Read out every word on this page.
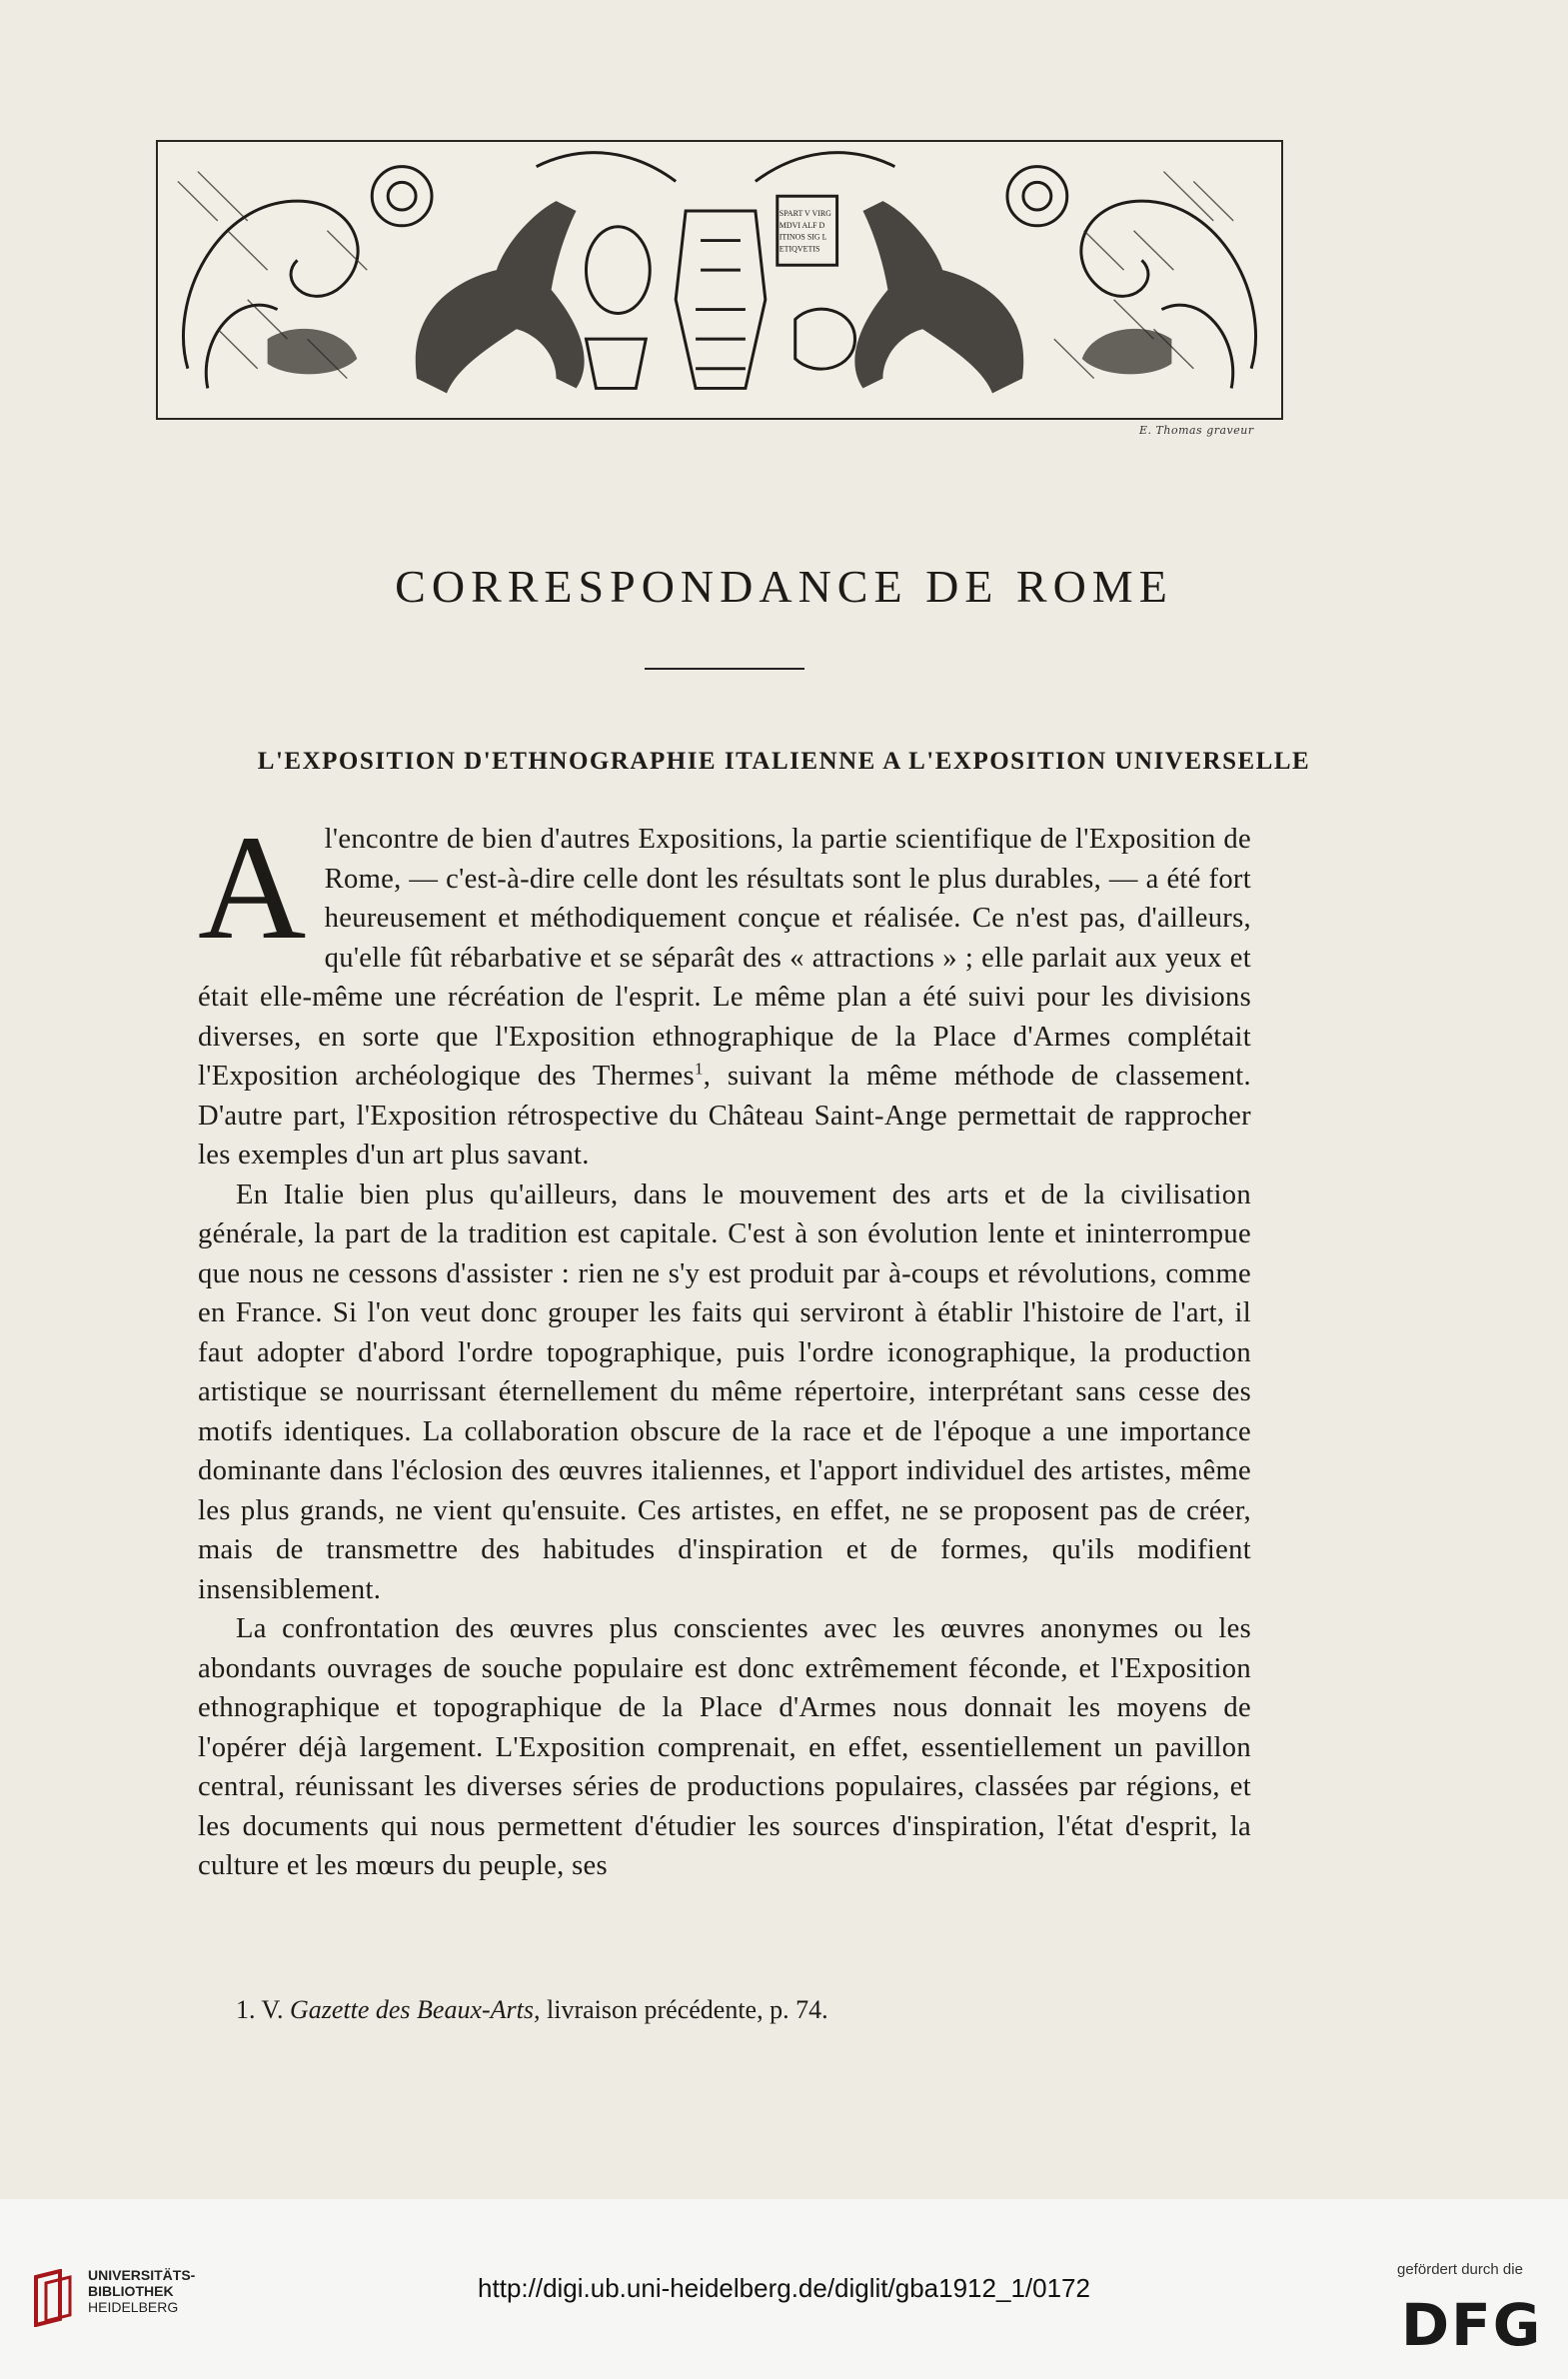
SPART V VIRG
MDVI ALF D
ITINOS SIG L
ETIQVETIS
E. Thomas graveur
CORRESPONDANCE DE ROME
L'EXPOSITION D'ETHNOGRAPHIE ITALIENNE A L'EXPOSITION UNIVERSELLE

Al'encontre de bien d'autres Expositions, la partie scientifique de l'Exposition de Rome, — c'est-à-dire celle dont les résultats sont le plus durables, — a été fort heureusement et méthodiquement conçue et réalisée. Ce n'est pas, d'ailleurs, qu'elle fût rébarbative et se séparât des « attractions » ; elle parlait aux yeux et était elle-même une récréation de l'esprit. Le même plan a été suivi pour les divisions diverses, en sorte que l'Exposition ethnographique de la Place d'Armes complétait l'Exposition archéologique des Thermes$^1$, suivant la même méthode de classement. D'autre part, l'Exposition rétrospective du Château Saint-Ange permettait de rapprocher les exemples d'un art plus savant.

En Italie bien plus qu'ailleurs, dans le mouvement des arts et de la civilisation générale, la part de la tradition est capitale. C'est à son évolution lente et ininterrompue que nous ne cessons d'assister : rien ne s'y est produit par à-coups et révolutions, comme en France. Si l'on veut donc grouper les faits qui serviront à établir l'histoire de l'art, il faut adopter d'abord l'ordre topographique, puis l'ordre iconographique, la production artistique se nourrissant éternellement du même répertoire, interprétant sans cesse des motifs identiques. La collaboration obscure de la race et de l'époque a une importance dominante dans l'éclosion des œuvres italiennes, et l'apport individuel des artistes, même les plus grands, ne vient qu'ensuite. Ces artistes, en effet, ne se proposent pas de créer, mais de transmettre des habitudes d'inspiration et de formes, qu'ils modifient insensiblement.

La confrontation des œuvres plus conscientes avec les œuvres anonymes ou les abondants ouvrages de souche populaire est donc extrêmement féconde, et l'Exposition ethnographique et topographique de la Place d'Armes nous donnait les moyens de l'opérer déjà largement. L'Exposition comprenait, en effet, essentiellement un pavillon central, réunissant les diverses séries de productions populaires, classées par régions, et les documents qui nous permettent d'étudier les sources d'inspiration, l'état d'esprit, la culture et les mœurs du peuple, ses

1. V. Gazette des Beaux-Arts, livraison précédente, p. 74.
UNIVERSITÄTS-
BIBLIOTHEK
HEIDELBERG
http://digi.ub.uni-heidelberg.de/diglit/gba1912_1/0172
gefördert durch die
DFG
